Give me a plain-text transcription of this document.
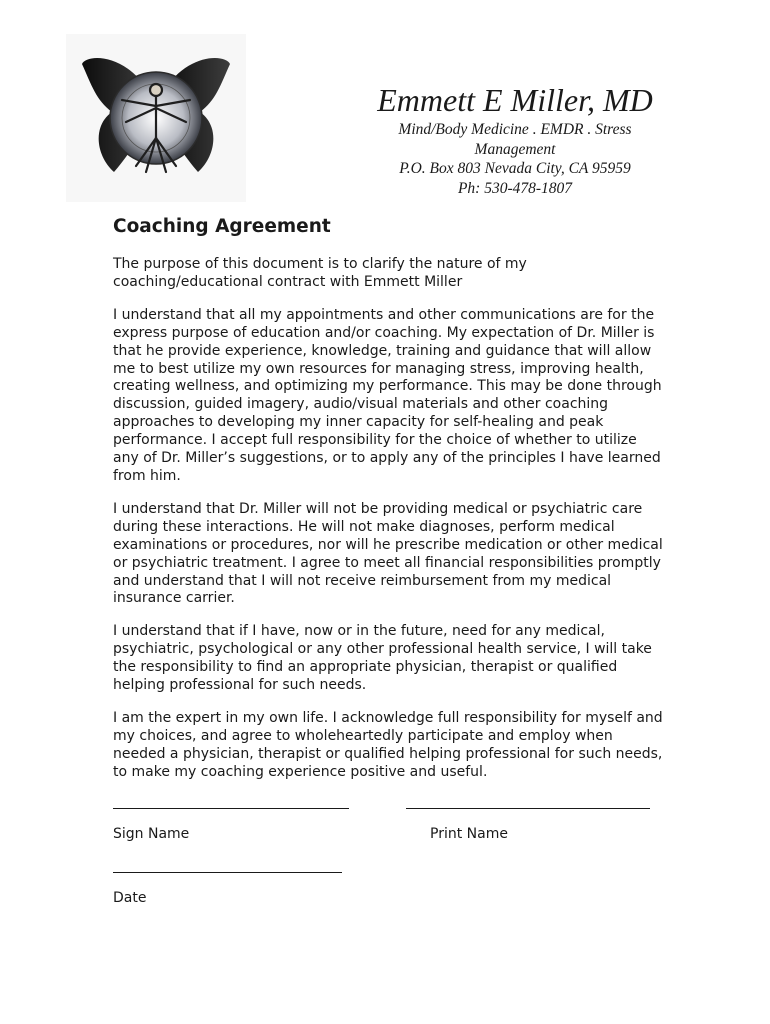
Emmett E Miller, MD
Mind/Body Medicine . EMDR . Stress
Management
P.O. Box 803 Nevada City, CA 95959
Ph: 530-478-1807
Coaching Agreement

The purpose of this document is to clarify the nature of my coaching/educational contract with Emmett Miller

I understand that all my appointments and other communications are for the express purpose of education and/or coaching. My expectation of Dr. Miller is that he provide experience, knowledge, training and guidance that will allow me to best utilize my own resources for managing stress, improving health, creating wellness, and optimizing my performance. This may be done through discussion, guided imagery, audio/visual materials and other coaching approaches to developing my inner capacity for self-healing and peak performance. I accept full responsibility for the choice of whether to utilize any of Dr. Miller’s suggestions, or to apply any of the principles I have learned from him.

I understand that Dr. Miller will not be providing medical or psychiatric care during these interactions. He will not make diagnoses, perform medical examinations or procedures, nor will he prescribe medication or other medical or psychiatric treatment. I agree to meet all financial responsibilities promptly and understand that I will not receive reimbursement from my medical insurance carrier.

I understand that if I have, now or in the future, need for any medical, psychiatric, psychological or any other professional health service, I will take the responsibility to find an appropriate physician, therapist or qualified helping professional for such needs.

I am the expert in my own life. I acknowledge full responsibility for myself and my choices, and agree to wholeheartedly participate and employ when needed a physician, therapist or qualified helping professional for such needs, to make my coaching experience positive and useful.

Sign Name	Print Name
Date
